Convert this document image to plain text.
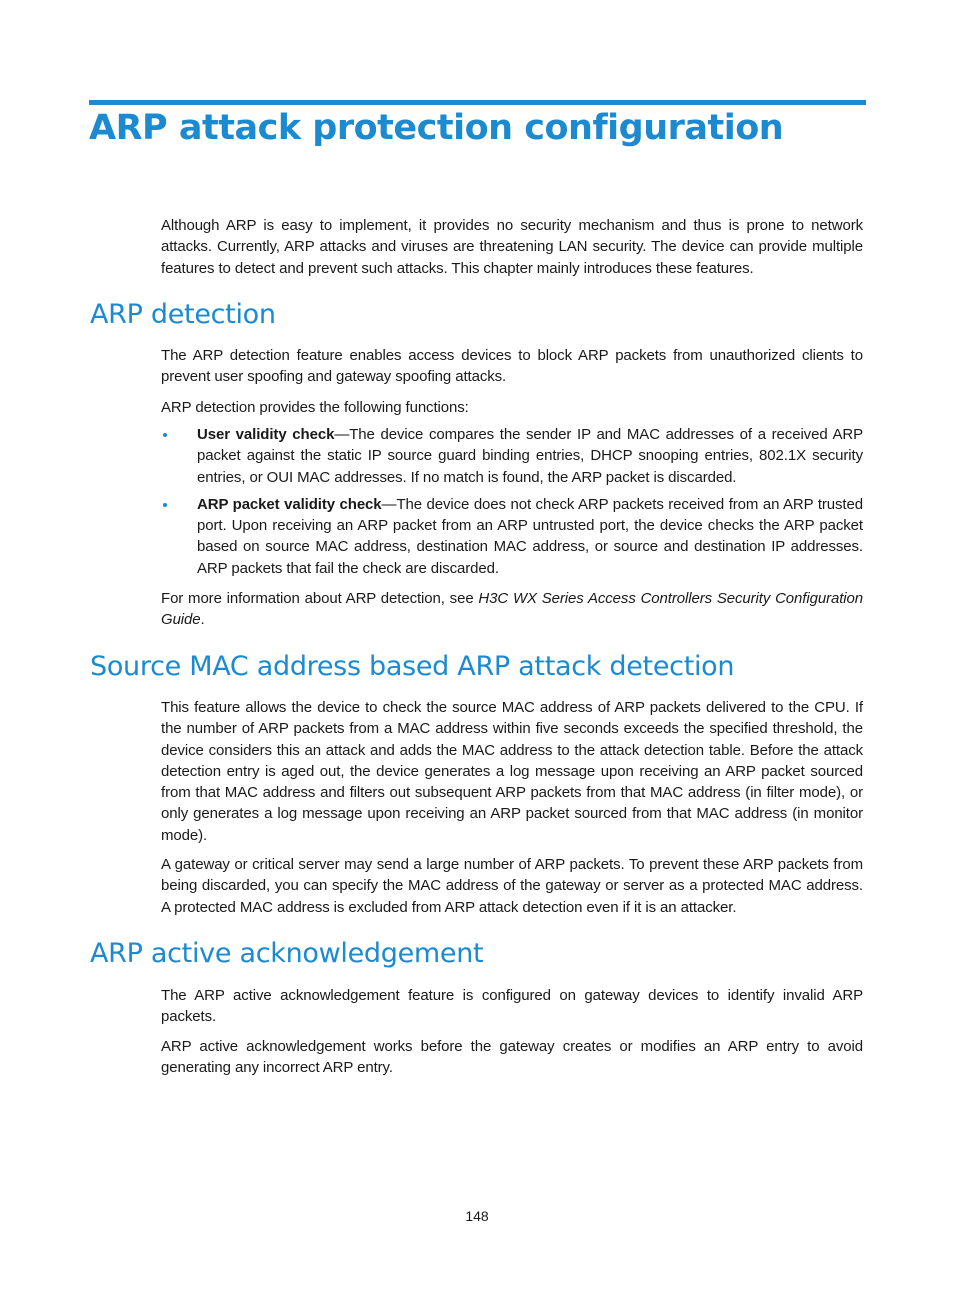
ARP attack protection configuration

Although ARP is easy to implement, it provides no security mechanism and thus is prone to network attacks. Currently, ARP attacks and viruses are threatening LAN security. The device can provide multiple features to detect and prevent such attacks. This chapter mainly introduces these features.

ARP detection

The ARP detection feature enables access devices to block ARP packets from unauthorized clients to prevent user spoofing and gateway spoofing attacks.

ARP detection provides the following functions:

User validity check—The device compares the sender IP and MAC addresses of a received ARP packet against the static IP source guard binding entries, DHCP snooping entries, 802.1X security entries, or OUI MAC addresses. If no match is found, the ARP packet is discarded.
ARP packet validity check—The device does not check ARP packets received from an ARP trusted port. Upon receiving an ARP packet from an ARP untrusted port, the device checks the ARP packet based on source MAC address, destination MAC address, or source and destination IP addresses. ARP packets that fail the check are discarded.

For more information about ARP detection, see H3C WX Series Access Controllers Security Configuration Guide.

Source MAC address based ARP attack detection

This feature allows the device to check the source MAC address of ARP packets delivered to the CPU. If the number of ARP packets from a MAC address within five seconds exceeds the specified threshold, the device considers this an attack and adds the MAC address to the attack detection table. Before the attack detection entry is aged out, the device generates a log message upon receiving an ARP packet sourced from that MAC address and filters out subsequent ARP packets from that MAC address (in filter mode), or only generates a log message upon receiving an ARP packet sourced from that MAC address (in monitor mode).

A gateway or critical server may send a large number of ARP packets. To prevent these ARP packets from being discarded, you can specify the MAC address of the gateway or server as a protected MAC address. A protected MAC address is excluded from ARP attack detection even if it is an attacker.

ARP active acknowledgement

The ARP active acknowledgement feature is configured on gateway devices to identify invalid ARP packets.

ARP active acknowledgement works before the gateway creates or modifies an ARP entry to avoid generating any incorrect ARP entry.

148
